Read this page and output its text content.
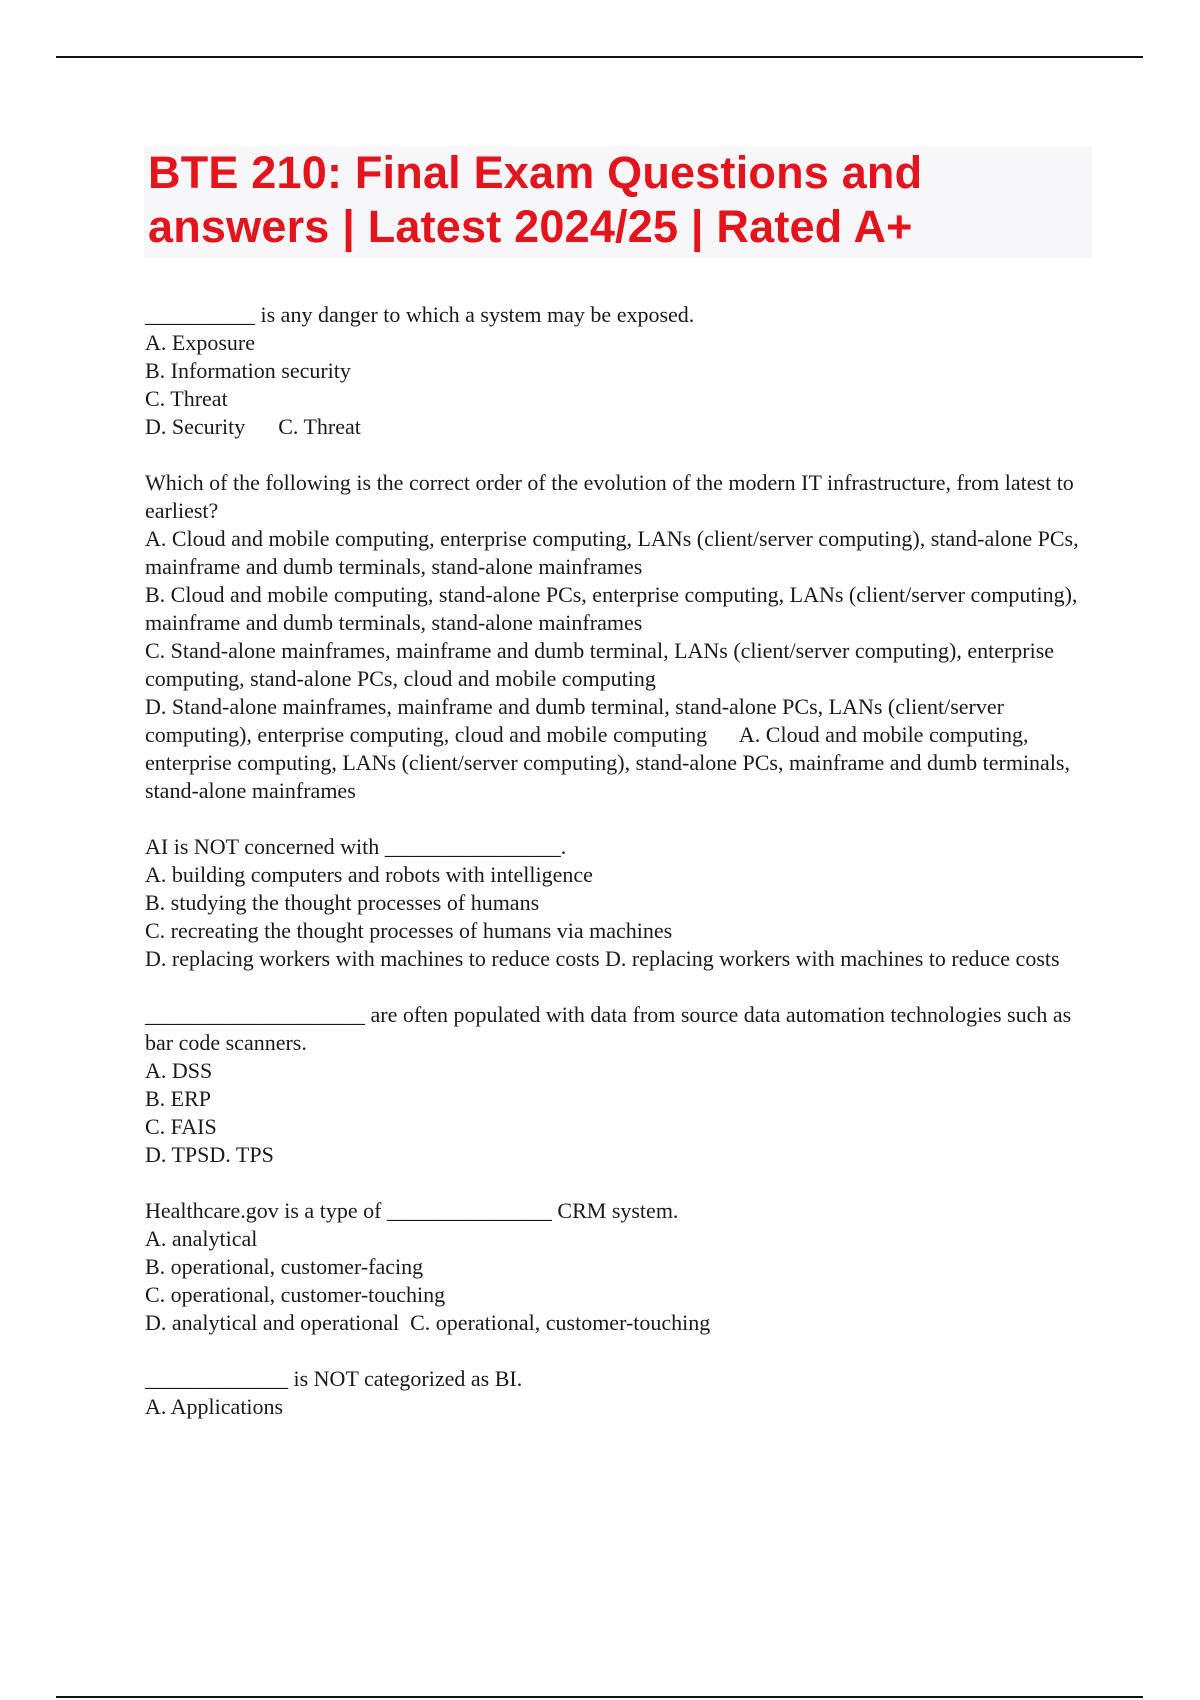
BTE 210: Final Exam Questions and answers | Latest 2024/25 | Rated A+
__________ is any danger to which a system may be exposed.
A. Exposure
B. Information security
C. Threat
D. Security C. Threat
Which of the following is the correct order of the evolution of the modern IT infrastructure, from latest to earliest?
A. Cloud and mobile computing, enterprise computing, LANs (client/server computing), stand-alone PCs, mainframe and dumb terminals, stand-alone mainframes
B. Cloud and mobile computing, stand-alone PCs, enterprise computing, LANs (client/server computing), mainframe and dumb terminals, stand-alone mainframes
C. Stand-alone mainframes, mainframe and dumb terminal, LANs (client/server computing), enterprise computing, stand-alone PCs, cloud and mobile computing
D. Stand-alone mainframes, mainframe and dumb terminal, stand-alone PCs, LANs (client/server computing), enterprise computing, cloud and mobile computing A. Cloud and mobile computing, enterprise computing, LANs (client/server computing), stand-alone PCs, mainframe and dumb terminals, stand-alone mainframes
AI is NOT concerned with ________________.
A. building computers and robots with intelligence
B. studying the thought processes of humans
C. recreating the thought processes of humans via machines
D. replacing workers with machines to reduce costs D. replacing workers with machines to reduce costs
____________________ are often populated with data from source data automation technologies such as bar code scanners.
A. DSS
B. ERP
C. FAIS
D. TPSD. TPS
Healthcare.gov is a type of _______________ CRM system.
A. analytical
B. operational, customer-facing
C. operational, customer-touching
D. analytical and operational C. operational, customer-touching
_____________ is NOT categorized as BI.
A. Applications
